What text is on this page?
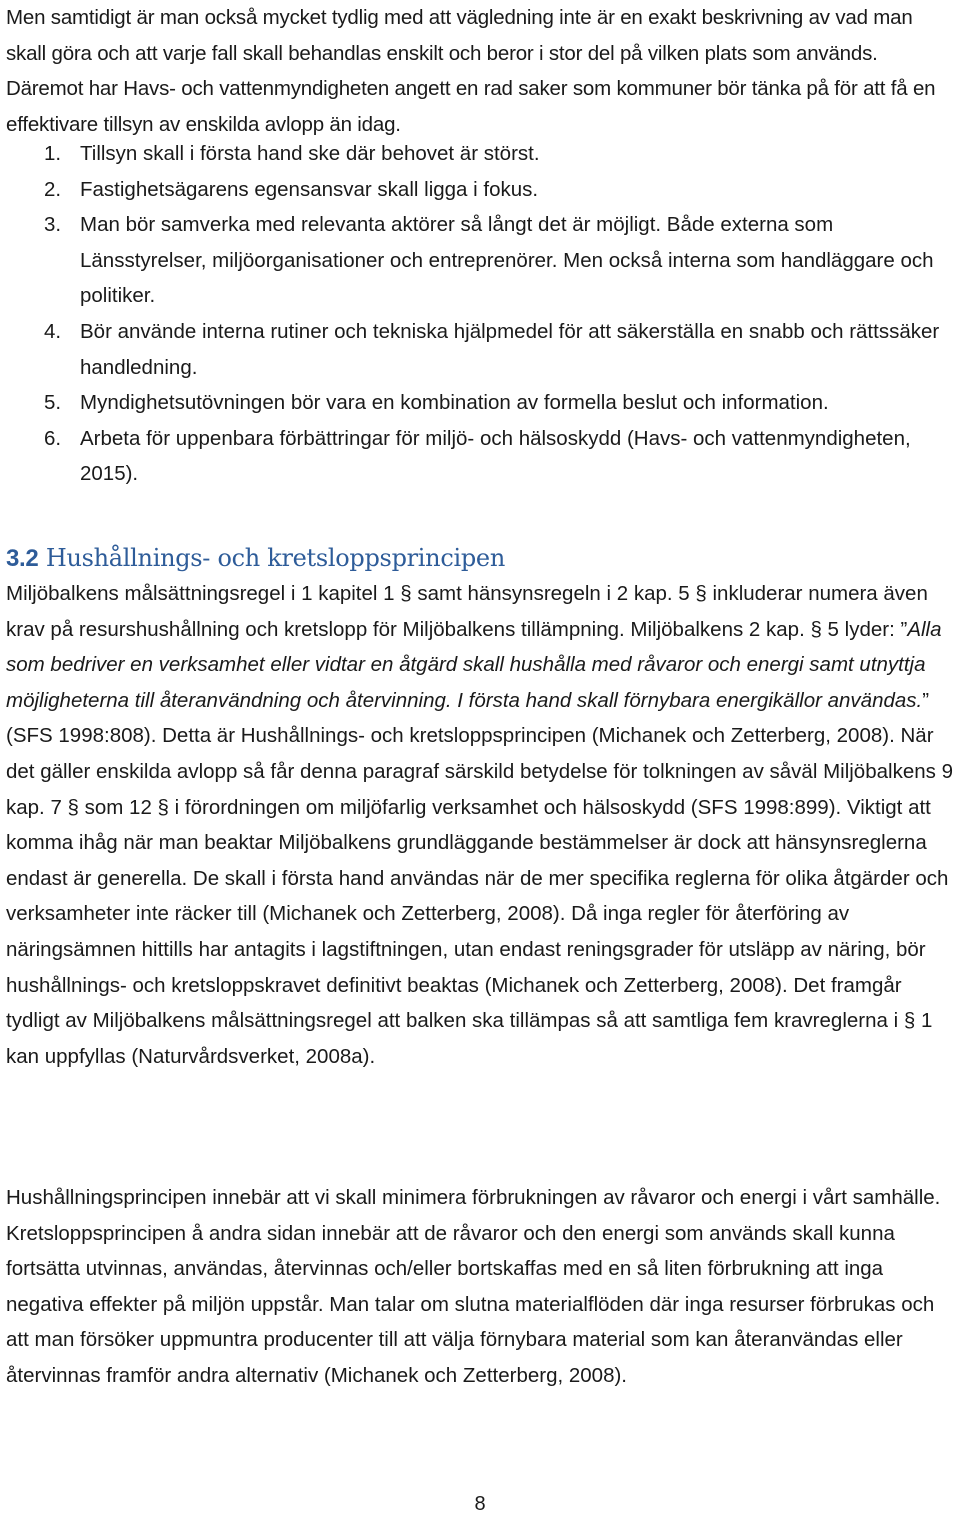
Men samtidigt är man också mycket tydlig med att vägledning inte är en exakt beskrivning av vad man skall göra och att varje fall skall behandlas enskilt och beror i stor del på vilken plats som används. Däremot har Havs- och vattenmyndigheten angett en rad saker som kommuner bör tänka på för att få en effektivare tillsyn av enskilda avlopp än idag.

1. Tillsyn skall i första hand ske där behovet är störst.
2. Fastighetsägarens egensansvar skall ligga i fokus.
3. Man bör samverka med relevanta aktörer så långt det är möjligt. Både externa som Länsstyrelser, miljöorganisationer och entreprenörer. Men också interna som handläggare och politiker.
4. Bör använde interna rutiner och tekniska hjälpmedel för att säkerställa en snabb och rättssäker handledning.
5. Myndighetsutövningen bör vara en kombination av formella beslut och information.
6. Arbeta för uppenbara förbättringar för miljö- och hälsoskydd (Havs- och vattenmyndigheten, 2015).
3.2 Hushållnings- och kretsloppsprincipen

Miljöbalkens målsättningsregel i 1 kapitel 1 § samt hänsynsregeln i 2 kap. 5 § inkluderar numera även krav på resurshushållning och kretslopp för Miljöbalkens tillämpning. Miljöbalkens 2 kap. § 5 lyder: ”Alla som bedriver en verksamhet eller vidtar en åtgärd skall hushålla med råvaror och energi samt utnyttja möjligheterna till återanvändning och återvinning. I första hand skall förnybara energikällor användas.” (SFS 1998:808). Detta är Hushållnings- och kretsloppsprincipen (Michanek och Zetterberg, 2008). När det gäller enskilda avlopp så får denna paragraf särskild betydelse för tolkningen av såväl Miljöbalkens 9 kap. 7 § som 12 § i förordningen om miljöfarlig verksamhet och hälsoskydd (SFS 1998:899). Viktigt att komma ihåg när man beaktar Miljöbalkens grundläggande bestämmelser är dock att hänsynsreglerna endast är generella. De skall i första hand användas när de mer specifika reglerna för olika åtgärder och verksamheter inte räcker till (Michanek och Zetterberg, 2008). Då inga regler för återföring av näringsämnen hittills har antagits i lagstiftningen, utan endast reningsgrader för utsläpp av näring, bör hushållnings- och kretsloppskravet definitivt beaktas (Michanek och Zetterberg, 2008). Det framgår tydligt av Miljöbalkens målsättningsregel att balken ska tillämpas så att samtliga fem kravreglerna i § 1 kan uppfyllas (Naturvårdsverket, 2008a).

Hushållningsprincipen innebär att vi skall minimera förbrukningen av råvaror och energi i vårt samhälle. Kretsloppsprincipen å andra sidan innebär att de råvaror och den energi som används skall kunna fortsätta utvinnas, användas, återvinnas och/eller bortskaffas med en så liten förbrukning att inga negativa effekter på miljön uppstår. Man talar om slutna materialflöden där inga resurser förbrukas och att man försöker uppmuntra producenter till att välja förnybara material som kan återanvändas eller återvinnas framför andra alternativ (Michanek och Zetterberg, 2008).

8
